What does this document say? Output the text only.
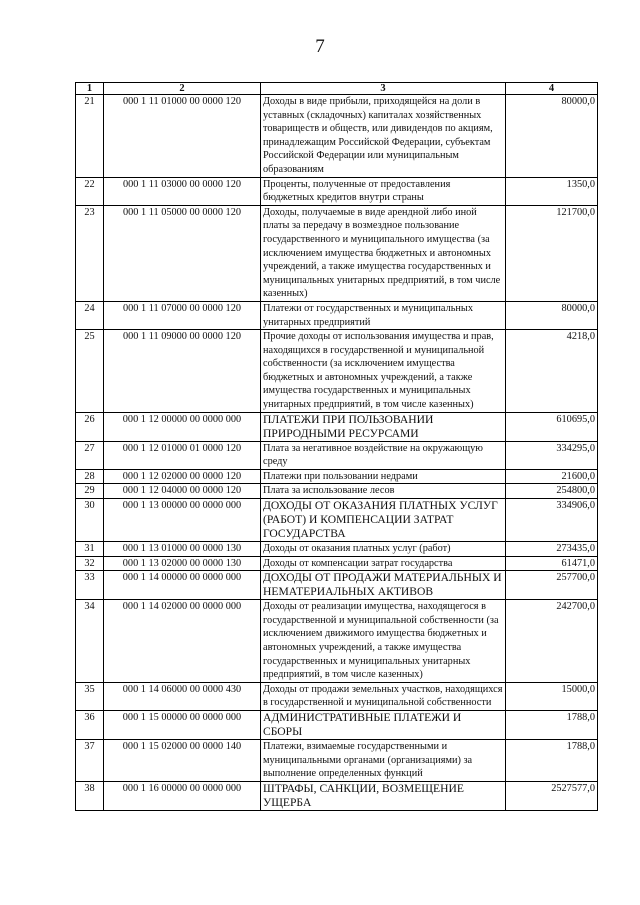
7
1	2	3	4
21	000 1 11 01000 00 0000 120	Доходы в виде прибыли, приходящейся на доли в уставных (складочных) капиталах хозяйственных товариществ и обществ, или дивидендов по акциям, принадлежащим Российской Федерации, субъектам Российской Федерации или муниципальным образованиям	80000,0
22	000 1 11 03000 00 0000 120	Проценты, полученные от предоставления бюджетных кредитов внутри страны	1350,0
23	000 1 11 05000 00 0000 120	Доходы, получаемые в виде арендной либо иной платы за передачу в возмездное пользование государственного и муниципального имущества (за исключением имущества бюджетных и автономных учреждений, а также имущества государственных и муниципальных унитарных предприятий, в том числе казенных)	121700,0
24	000 1 11 07000 00 0000 120	Платежи от государственных и муниципальных унитарных предприятий	80000,0
25	000 1 11 09000 00 0000 120	Прочие доходы от использования имущества и прав, находящихся в государственной и муниципальной собственности (за исключением имущества бюджетных и автономных учреждений, а также имущества государственных и муниципальных унитарных предприятий, в том числе казенных)	4218,0
26	000 1 12 00000 00 0000 000	ПЛАТЕЖИ ПРИ ПОЛЬЗОВАНИИ ПРИРОДНЫМИ РЕСУРСАМИ	610695,0
27	000 1 12 01000 01 0000 120	Плата за негативное воздействие на окружающую среду	334295,0
28	000 1 12 02000 00 0000 120	Платежи при пользовании недрами	21600,0
29	000 1 12 04000 00 0000 120	Плата за использование лесов	254800,0
30	000 1 13 00000 00 0000 000	ДОХОДЫ ОТ ОКАЗАНИЯ ПЛАТНЫХ УСЛУГ (РАБОТ) И КОМПЕНСАЦИИ ЗАТРАТ ГОСУДАРСТВА	334906,0
31	000 1 13 01000 00 0000 130	Доходы от оказания платных услуг (работ)	273435,0
32	000 1 13 02000 00 0000 130	Доходы от компенсации затрат государства	61471,0
33	000 1 14 00000 00 0000 000	ДОХОДЫ ОТ ПРОДАЖИ МАТЕРИАЛЬНЫХ И НЕМАТЕРИАЛЬНЫХ АКТИВОВ	257700,0
34	000 1 14 02000 00 0000 000	Доходы от реализации имущества, находящегося в государственной и муниципальной собственности (за исключением движимого имущества бюджетных и автономных учреждений, а также имущества государственных и муниципальных унитарных предприятий, в том числе казенных)	242700,0
35	000 1 14 06000 00 0000 430	Доходы от продажи земельных участков, находящихся в государственной и муниципальной собственности	15000,0
36	000 1 15 00000 00 0000 000	АДМИНИСТРАТИВНЫЕ ПЛАТЕЖИ И СБОРЫ	1788,0
37	000 1 15 02000 00 0000 140	Платежи, взимаемые государственными и муниципальными органами (организациями) за выполнение определенных функций	1788,0
38	000 1 16 00000 00 0000 000	ШТРАФЫ, САНКЦИИ, ВОЗМЕЩЕНИЕ УЩЕРБА	2527577,0
